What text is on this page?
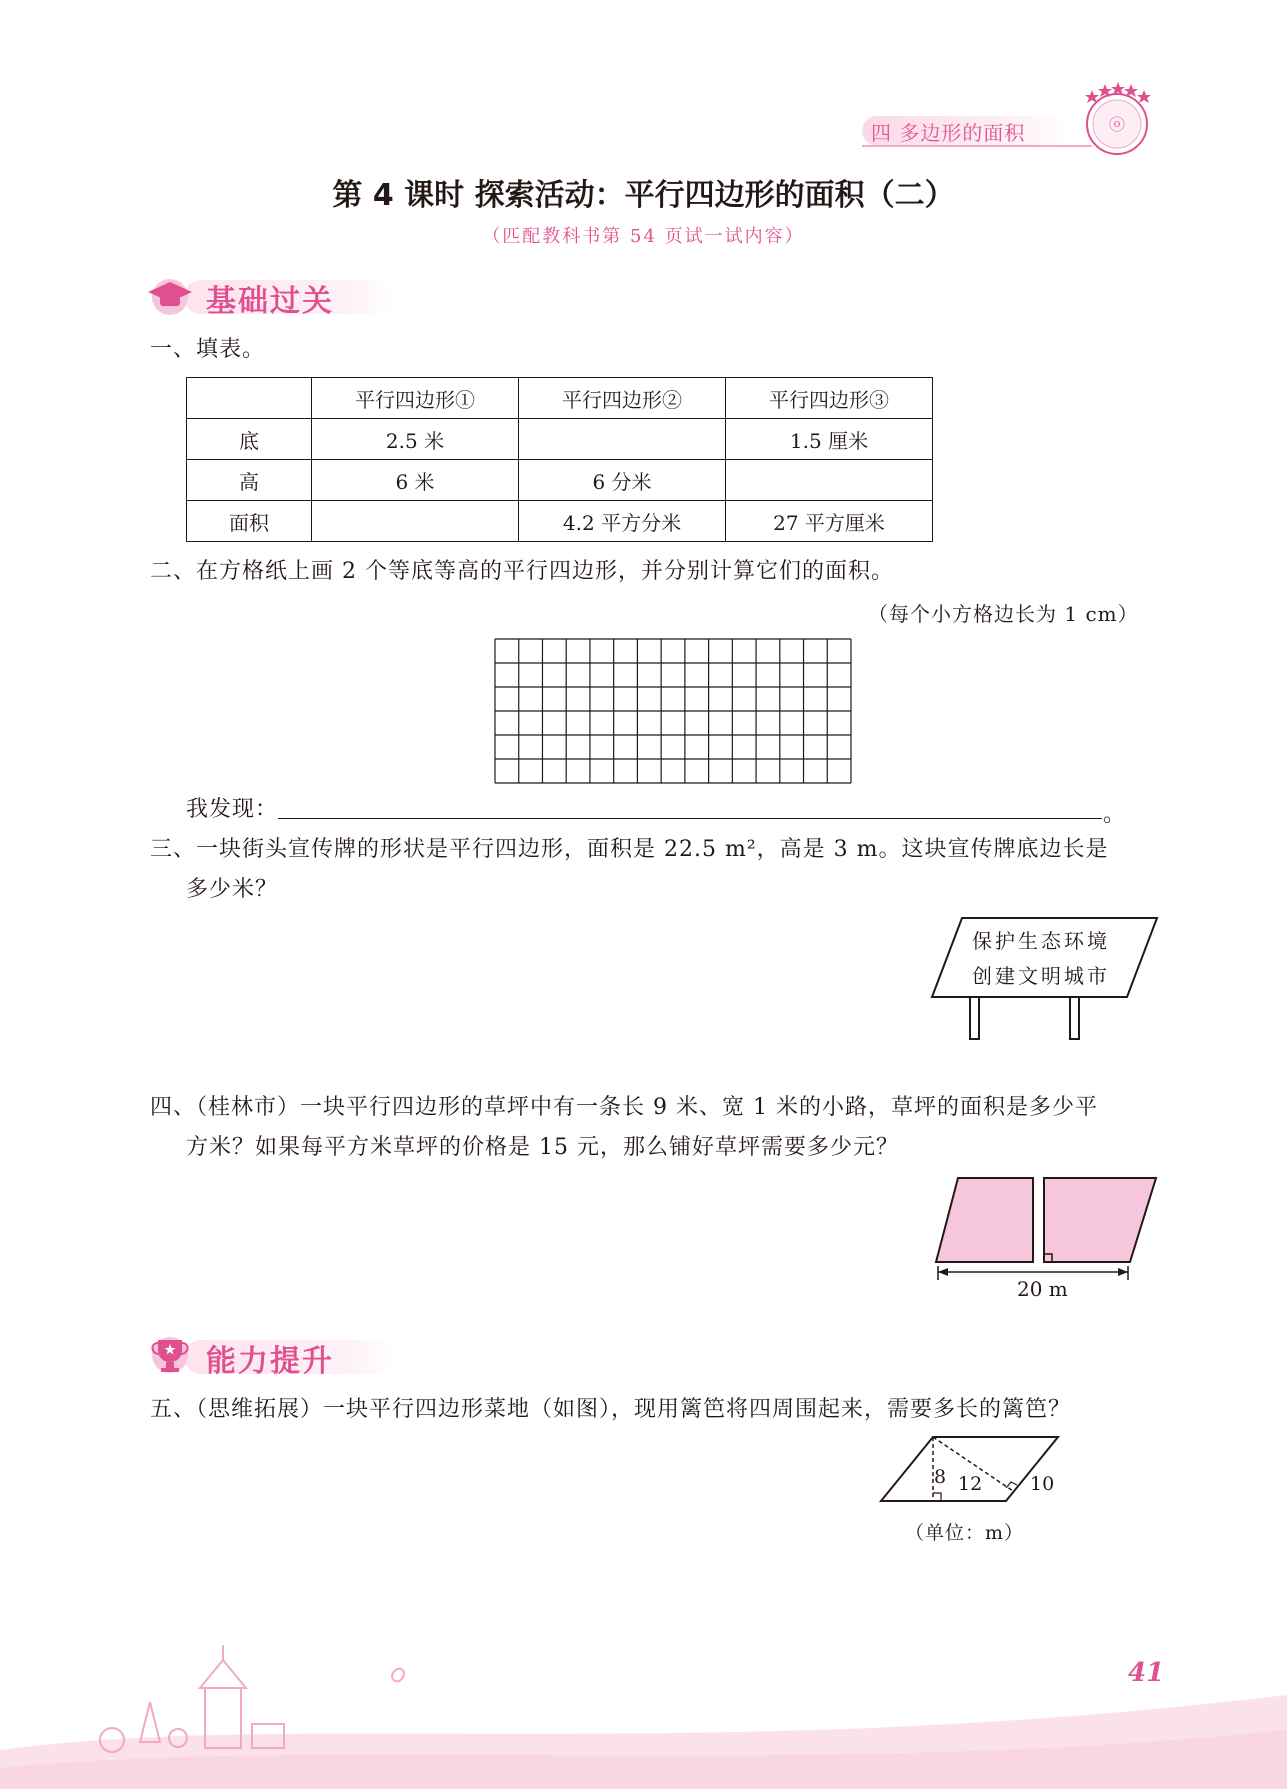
四 多边形的面积	ⓞ
第 4 课时 探索活动：平行四边形的面积（二）
（匹配教科书第 54 页试一试内容）
基础过关
一、填表。
	平行四边形①	平行四边形②	平行四边形③
底	2.5 米		1.5 厘米
高	6 米	6 分米	
面积		4.2 平方分米	27 平方厘米
二、在方格纸上画 2 个等底等高的平行四边形，并分别计算它们的面积。
（每个小方格边长为 1 cm）
我发现：	。
三、一块街头宣传牌的形状是平行四边形，面积是 22.5 m²，高是 3 m。这块宣传牌底边长是
多少米？
保护生态环境
创建文明城市
四、（桂林市）一块平行四边形的草坪中有一条长 9 米、宽 1 米的小路，草坪的面积是多少平
方米？如果每平方米草坪的价格是 15 元，那么铺好草坪需要多少元？
20 m
能力提升
五、（思维拓展）一块平行四边形菜地（如图），现用篱笆将四周围起来，需要多长的篱笆？
8 12	10
（单位：m）
41
